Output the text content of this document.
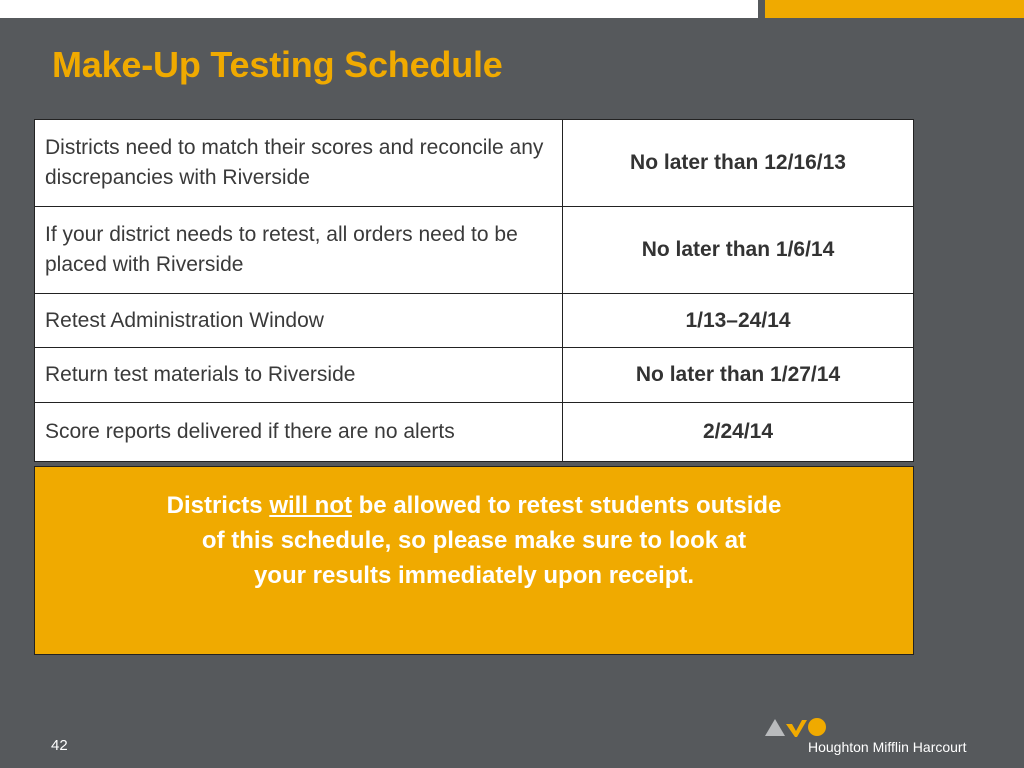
Make-Up Testing Schedule
Districts need to match their scores and reconcile any discrepancies with Riverside	No later than 12/16/13
If your district needs to retest, all orders need to be placed with Riverside	No later than 1/6/14
Retest Administration Window	1/13–24/14
Return test materials to Riverside	No later than 1/27/14
Score reports delivered if there are no alerts	2/24/14

Districts will not be allowed to retest students outside
of this schedule, so please make sure to look at
your results immediately upon receipt.

42	Houghton Mifflin Harcourt
